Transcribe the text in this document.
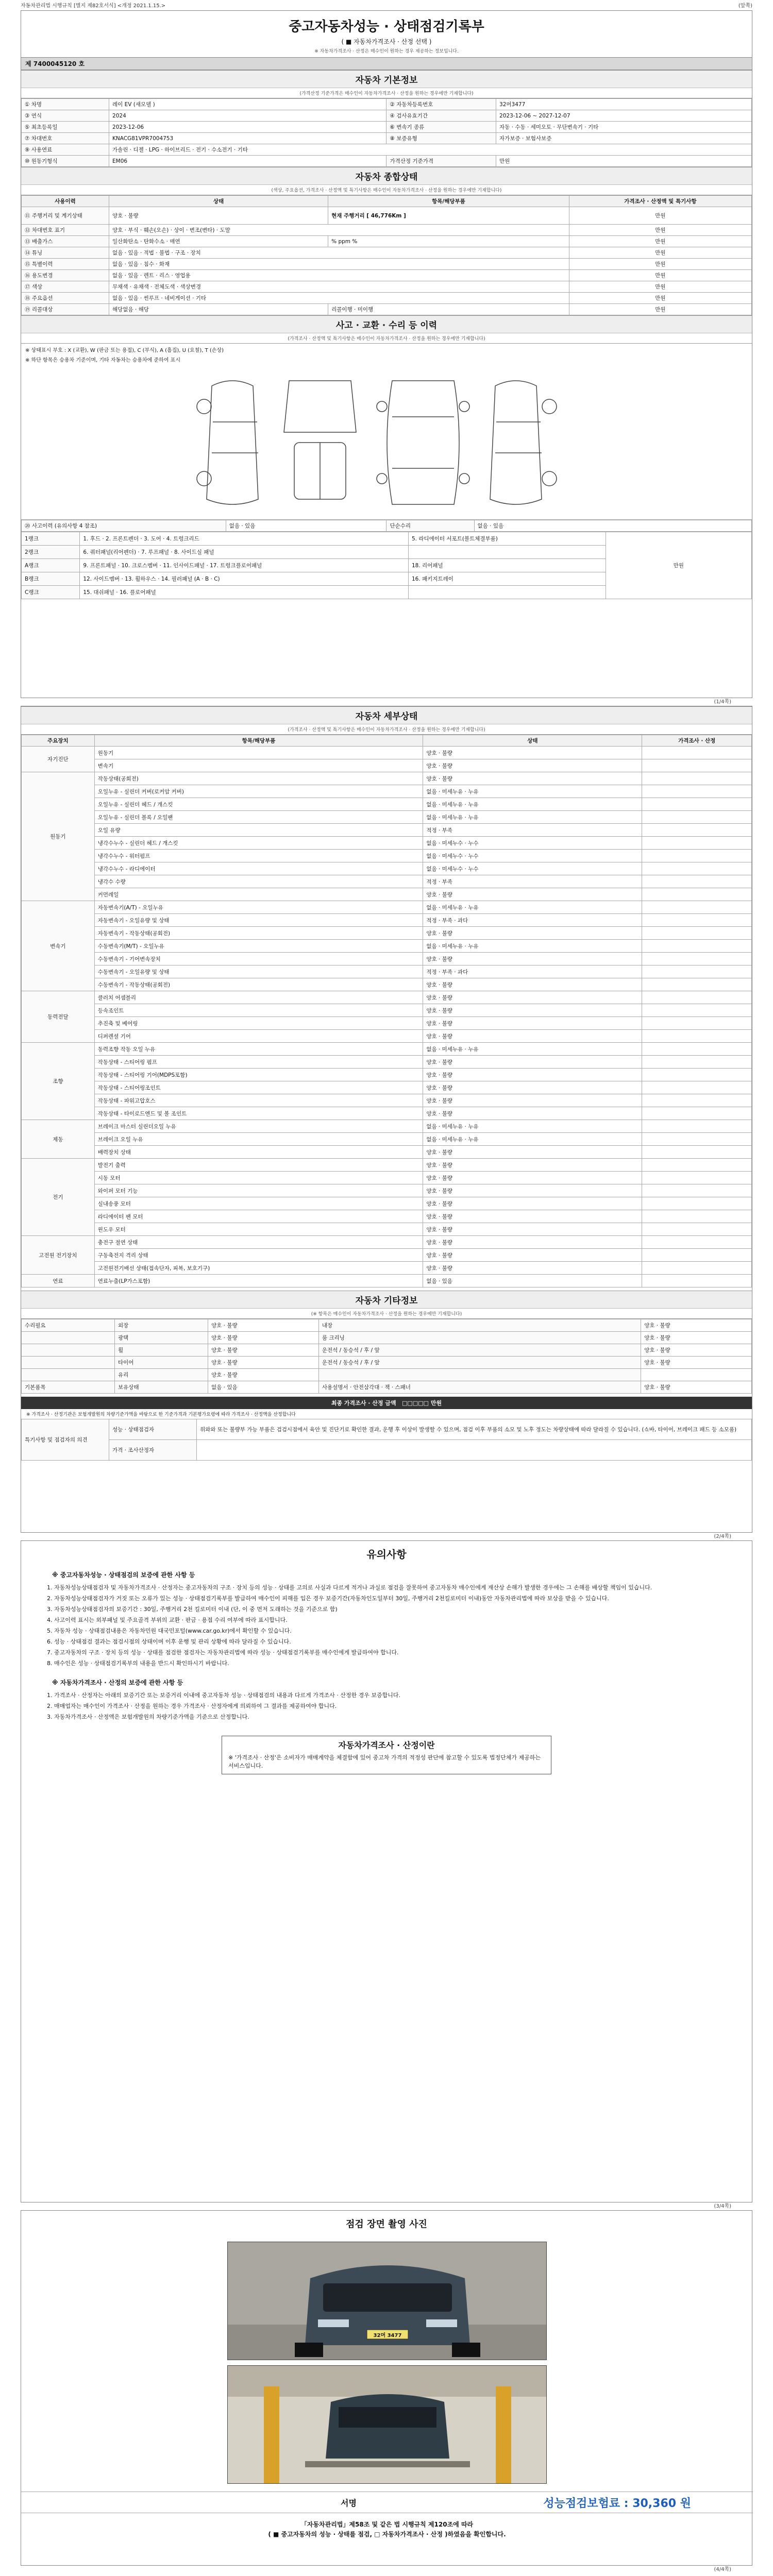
자동차관리법 시행규칙 [별지 제82호서식] <개정 2021.1.15.>	(앞쪽)
중고자동차성능 · 상태점검기록부
( ■ 자동차가격조사 · 산정 선택 )
※ 자동차가격조사 · 산정은 매수인이 원하는 경우 제공하는 정보입니다.
제 7400045120 호
자동차 기본정보
(가격산정 기준가격은 매수인이 자동차가격조사 · 산정을 원하는 경우에만 기재합니다)
① 차명	레이 EV (새모델 )	② 자동차등록번호	32머3477
③ 연식	2024	④ 검사유효기간	2023-12-06 ~ 2027-12-07
⑤ 최초등록일	2023-12-06	⑥ 변속기 종류	자동 · 수동 · 세미오토 · 무단변속기 · 기타
⑦ 차대번호	KNACG81VPR7004753	⑧ 보증유형	자가보증 · 보험사보증
⑨ 사용연료	가솔린 · 디젤 · LPG · 하이브리드 · 전기 · 수소전기 · 기타		
⑩ 원동기형식	EM06	가격산정 기준가격	만원
자동차 종합상태
(색상, 주요옵션, 가격조사 · 산정액 및 특기사항은 매수인이 자동차가격조사 · 산정을 원하는 경우에만 기재합니다)
사용이력	상태	항목/해당부품	가격조사 · 산정액 및 특기사항
⑪ 주행거리 및 계기상태	양호 · 불량	현재 주행거리 [ 46,776Km ]	만원
⑫ 차대번호 표기	양호 · 부식 · 훼손(오손) · 상이 · 변조(변타) · 도말		만원
⑬ 배출가스	일산화탄소 · 탄화수소 · 매연	% ppm %	만원
⑭ 튜닝	없음 · 있음 · 적법 · 불법 · 구조 · 장치		만원
⑮ 특별이력	없음 · 있음 · 침수 · 화재		만원
⑯ 용도변경	없음 · 있음 · 렌트 · 리스 · 영업용		만원
⑰ 색상	무채색 · 유채색 · 전체도색 · 색상변경		만원
⑱ 주요옵션	없음 · 있음 · 썬루프 · 네비게이션 · 기타		만원
⑲ 리콜대상	해당없음 · 해당	리콜이행 · 미이행	만원
사고 · 교환 · 수리 등 이력
(가격조사 · 산정액 및 특기사항은 매수인이 자동차가격조사 · 산정을 원하는 경우에만 기재합니다)
※ 상태표시 부호 : X (교환), W (판금 또는 용접), C (부식), A (흠집), U (요철), T (손상)
※ 하단 항목은 승용차 기준이며, 기타 자동차는 승용차에 준하여 표시
⑳ 사고이력 (유의사항 4 참조)	없음 · 있음	단순수리	없음 · 있음
1랭크	1. 후드 · 2. 프론트펜더 · 3. 도어 · 4. 트렁크리드	5. 라디에이터 서포트(볼트체결부품)	만원
2랭크	6. 쿼터패널(리어펜더) · 7. 루프패널 · 8. 사이드실 패널		
A랭크	9. 프론트패널 · 10. 크로스멤버 · 11. 인사이드패널 · 17. 트렁크플로어패널	18. 리어패널	
B랭크	12. 사이드멤버 · 13. 휠하우스 · 14. 필러패널 (A · B · C)	16. 패키지트레이	
C랭크	15. 대쉬패널 · 16. 플로어패널		
(1/4쪽)
자동차 세부상태
(가격조사 · 산정액 및 특기사항은 매수인이 자동차가격조사 · 산정을 원하는 경우에만 기재합니다)
주요장치	항목/해당부품	상태	가격조사 · 산정
자기진단	원동기	양호 · 불량	
	변속기	양호 · 불량	
원동기	작동상태(공회전)	양호 · 불량	
	오일누유 - 실린더 커버(로커암 커버)	없음 · 미세누유 · 누유	
	오일누유 - 실린더 헤드 / 개스킷	없음 · 미세누유 · 누유	
	오일누유 - 실린더 블록 / 오일팬	없음 · 미세누유 · 누유	
	오일 유량	적정 · 부족	
	냉각수누수 - 실린더 헤드 / 개스킷	없음 · 미세누수 · 누수	
	냉각수누수 - 워터펌프	없음 · 미세누수 · 누수	
	냉각수누수 - 라디에이터	없음 · 미세누수 · 누수	
	냉각수 수량	적정 · 부족	
	커먼레일	양호 · 불량	
변속기	자동변속기(A/T) - 오일누유	없음 · 미세누유 · 누유	
	자동변속기 - 오일유량 및 상태	적정 · 부족 · 과다	
	자동변속기 - 작동상태(공회전)	양호 · 불량	
	수동변속기(M/T) - 오일누유	없음 · 미세누유 · 누유	
	수동변속기 - 기어변속장치	양호 · 불량	
	수동변속기 - 오일유량 및 상태	적정 · 부족 · 과다	
	수동변속기 - 작동상태(공회전)	양호 · 불량	
동력전달	클러치 어셈블리	양호 · 불량	
	등속조인트	양호 · 불량	
	추진축 및 베어링	양호 · 불량	
	디퍼렌셜 기어	양호 · 불량	
조향	동력조향 작동 오일 누유	없음 · 미세누유 · 누유	
	작동상태 - 스티어링 펌프	양호 · 불량	
	작동상태 - 스티어링 기어(MDPS포함)	양호 · 불량	
	작동상태 - 스티어링조인트	양호 · 불량	
	작동상태 - 파워고압호스	양호 · 불량	
	작동상태 - 타이로드엔드 및 볼 조인트	양호 · 불량	
제동	브레이크 마스터 실린더오일 누유	없음 · 미세누유 · 누유	
	브레이크 오일 누유	없음 · 미세누유 · 누유	
	배력장치 상태	양호 · 불량	
전기	발전기 출력	양호 · 불량	
	시동 모터	양호 · 불량	
	와이퍼 모터 기능	양호 · 불량	
	실내송풍 모터	양호 · 불량	
	라디에이터 팬 모터	양호 · 불량	
	윈도우 모터	양호 · 불량	
고전원 전기장치	충전구 절연 상태	양호 · 불량	
	구동축전지 격리 상태	양호 · 불량	
	고전원전기배선 상태(접속단자, 피복, 보호기구)	양호 · 불량	
연료	연료누출(LP가스포함)	없음 · 있음	
자동차 기타정보
(※ 항목은 매수인이 자동차가격조사 · 산정을 원하는 경우에만 기재합니다)
수리필요	외장	양호 · 불량	내장	양호 · 불량
	광택	양호 · 불량	룸 크리닝	양호 · 불량
	휠	양호 · 불량	운전석 / 동승석 / 후 / 앞	양호 · 불량
	타이어	양호 · 불량	운전석 / 동승석 / 후 / 앞	양호 · 불량
	유리	양호 · 불량		
기본품목	보유상태	없음 · 있음	사용설명서 · 안전삼각대 · 잭 · 스패너	양호 · 불량
최종 가격조사 · 산정 금액 □□□□□ 만원
※ 가격조사 · 산정기관은 보험개발원의 차량기준가액을 바탕으로 한 기준가격과 기본평가요령에 따라 가격조사 · 산정액을 산정합니다
특기사항 및 점검자의 의견	성능 · 상태점검자	위와와 또는 불량부 가능 부품은 검검시점에서 육안 및 진단기로 확인한 결과, 운행 후 이상이 발생할 수 있으며, 점검 이후 부품의 소모 및 노후 정도는 차량상태에 따라 달라질 수 있습니다. (쇼바, 타이어, 브레이크 패드 등 소모품)
	가격 · 조사산정자	
(2/4쪽)
유의사항
※ 중고자동차성능 · 상태점검의 보증에 관한 사항 등

1. 자동차성능상태점검자 및 자동차가격조사 · 산정자는 중고자동차의 구조 · 장치 등의 성능 · 상태를 고의로 사실과 다르게 적거나 과실로 점검을 잘못하여 중고자동차 매수인에게 재산상 손해가 발생한 경우에는 그 손해를 배상할 책임이 있습니다.

2. 자동차성능상태점검자가 거짓 또는 오류가 있는 성능 · 상태점검기록부를 발급하여 매수인이 피해를 입은 경우 보증기간(자동차인도일부터 30일, 주행거리 2천킬로미터 이내)동안 자동차관리법에 따라 보상을 받을 수 있습니다.

3. 자동차성능상태점검자의 보증기간 : 30일, 주행거리 2천 킬로미터 이내 (단, 이 중 먼저 도래하는 것을 기준으로 함)

4. 사고이력 표시는 외부패널 및 주요골격 부위의 교환 · 판금 · 용접 수리 여부에 따라 표시합니다.

5. 자동차 성능 · 상태점검내용은 자동차민원 대국민포털(www.car.go.kr)에서 확인할 수 있습니다.

6. 성능 · 상태점검 결과는 점검시점의 상태이며 이후 운행 및 관리 상황에 따라 달라질 수 있습니다.

7. 중고자동차의 구조 · 장치 등의 성능 · 상태를 점검한 점검자는 자동차관리법에 따라 성능 · 상태점검기록부를 매수인에게 발급하여야 합니다.

8. 매수인은 성능 · 상태점검기록부의 내용을 반드시 확인하시기 바랍니다.

※ 자동차가격조사 · 산정의 보증에 관한 사항 등

1. 가격조사 · 산정자는 아래의 보증기간 또는 보증거리 이내에 중고자동차 성능 · 상태점검의 내용과 다르게 가격조사 · 산정한 경우 보증합니다.

2. 매매업자는 매수인이 가격조사 · 산정을 원하는 경우 가격조사 · 산정자에게 의뢰하여 그 결과를 제공하여야 합니다.

3. 자동차가격조사 · 산정액은 보험개발원의 차량기준가액을 기준으로 산정합니다.

자동차가격조사 · 산정이란
※ '가격조사 · 산정'은 소비자가 매매계약을 체결함에 있어 중고차 가격의 적정성 판단에 참고할 수 있도록 법정단체가 제공하는 서비스입니다.
(3/4쪽)
점검 장면 촬영 사진
32머 3477
서명	성능점검보험료 : 30,360 원
「자동차관리법」제58조 및 같은 법 시행규칙 제120조에 따라
( ■ 중고자동차의 성능 · 상태를 점검, □ 자동차가격조사 · 산정 )하였음을 확인합니다.
(4/4쪽)
